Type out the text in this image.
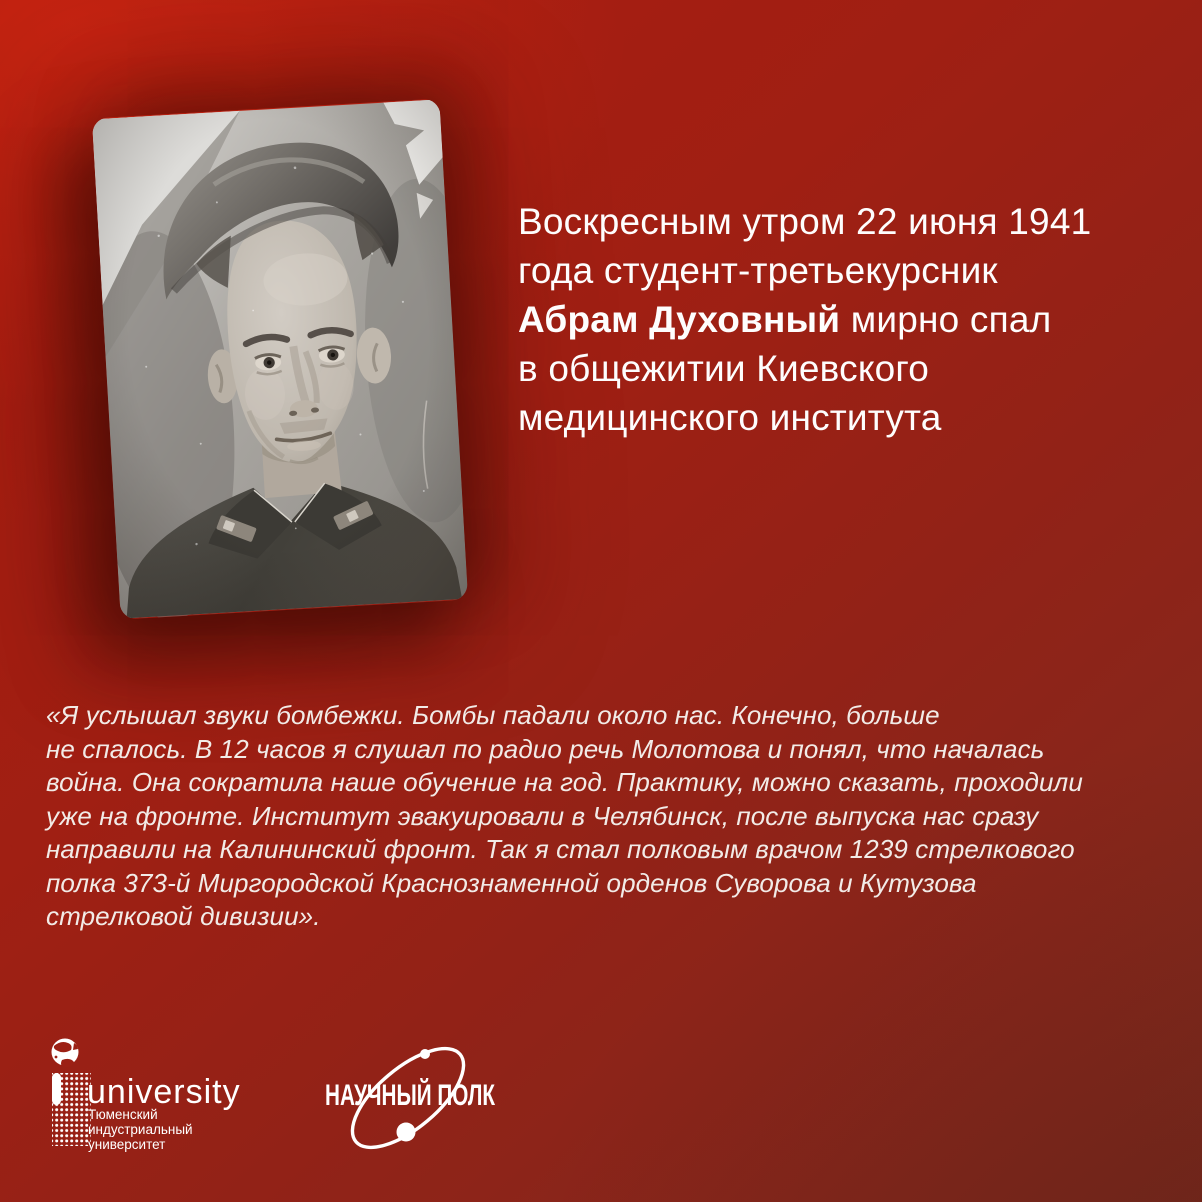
Воскресным утром 22 июня 1941
года студент-третьекурсник
Абрам Духовный мирно спал
в общежитии Киевского
медицинского института
«Я услышал звуки бомбежки. Бомбы падали около нас. Конечно, больше
не спалось. В 12 часов я слушал по радио речь Молотова и понял, что началась
война. Она сократила наше обучение на год. Практику, можно сказать, проходили
уже на фронте. Институт эвакуировали в Челябинск, после выпуска нас сразу
направили на Калининский фронт. Так я стал полковым врачом 1239 стрелкового
полка 373-й Миргородской Краснознаменной орденов Суворова и Кутузова
стрелковой дивизии».
university
Тюменский
индустриальный
университет
НАУЧНЫЙ ПОЛК
